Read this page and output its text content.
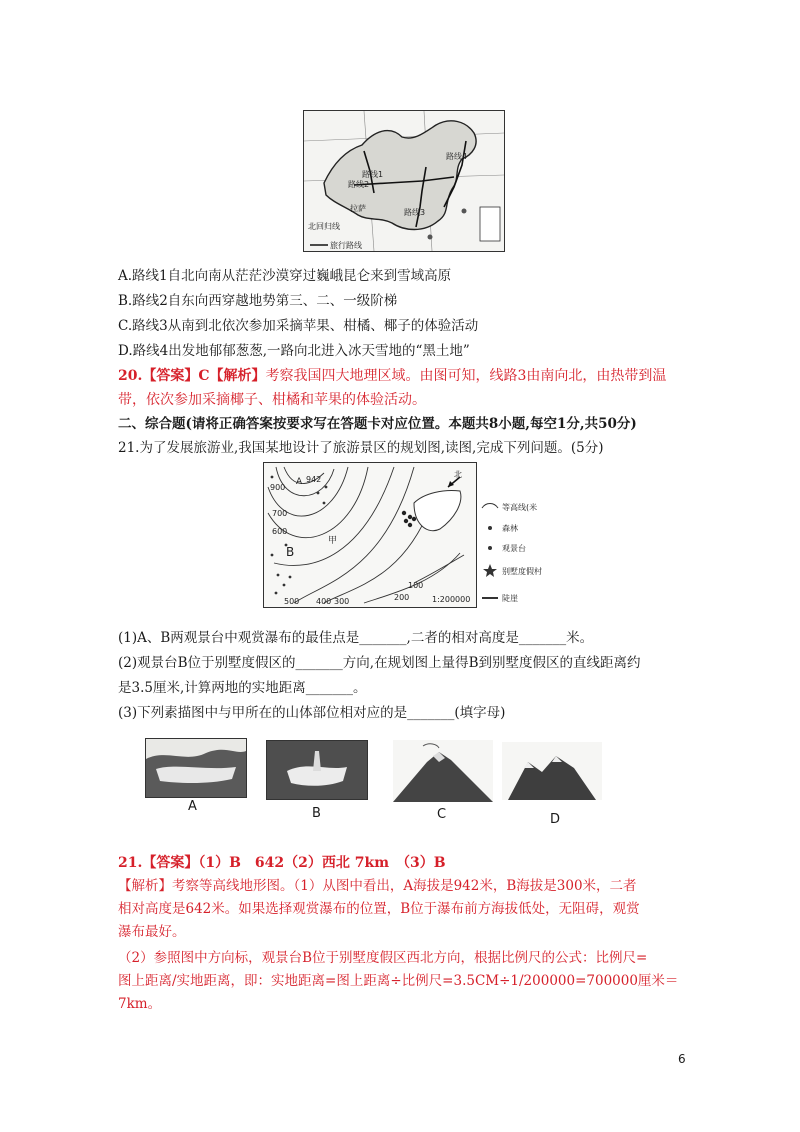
路线1
路线2
路线3
路线4
拉萨
北回归线
旅行路线
A.路线1自北向南从茫茫沙漠穿过巍峨昆仑来到雪域高原
B.路线2自东向西穿越地势第三、二、一级阶梯
C.路线3从南到北依次参加采摘苹果、柑橘、椰子的体验活动
D.路线4出发地郁郁葱葱,一路向北进入冰天雪地的“黑土地”
20.【答案】C【解析】考察我国四大地理区域。由图可知，线路3由南向北，由热带到温
带，依次参加采摘椰子、柑橘和苹果的体验活动。
二、综合题(请将正确答案按要求写在答题卡对应位置。本题共8小题,每空1分,共50分)
21.为了发展旅游业,我国某地设计了旅游景区的规划图,读图,完成下列问题。(5分)
900
942
700
600
500 400 300	200
100
甲
A
B
北
1:200000
等高线(米
森林
观景台
别墅度假村
陡崖
(1)A、B两观景台中观赏瀑布的最佳点是_______,二者的相对高度是_______米。
(2)观景台B位于别墅度假区的_______方向,在规划图上量得B到别墅度假区的直线距离约
是3.5厘米,计算两地的实地距离_______。
(3)下列素描图中与甲所在的山体部位相对应的是_______(填字母)
A	B	C	D
21.【答案】（1）B　642（2）西北 7km　（3）B
【解析】考察等高线地形图。（1）从图中看出，A海拔是942米，B海拔是300米，二者
相对高度是642米。如果选择观赏瀑布的位置，B位于瀑布前方海拔低处，无阻碍，观赏
瀑布最好。
（2）参照图中方向标，观景台B位于别墅度假区西北方向，根据比例尺的公式：比例尺=
图上距离/实地距离，即：实地距离=图上距离÷比例尺=3.5CM÷1/200000=700000厘米＝
7km。
6
